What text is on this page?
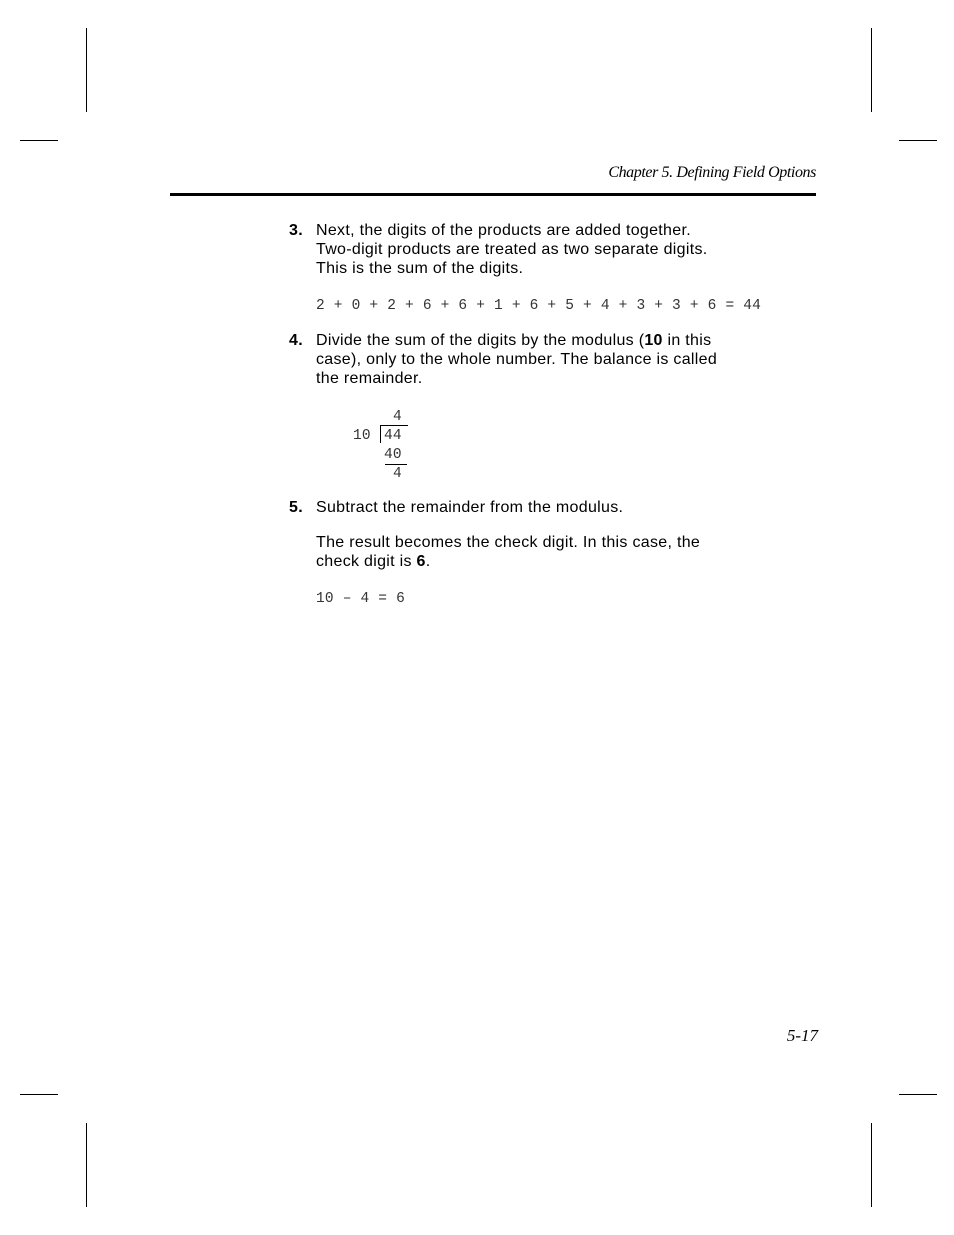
Chapter 5. Defining Field Options
3. Next, the digits of the products are added together.
Two-digit products are treated as two separate digits.
This is the sum of the digits.
2 + 0 + 2 + 6 + 6 + 1 + 6 + 5 + 4 + 3 + 3 + 6 = 44
4. Divide the sum of the digits by the modulus (10 in this
case), only to the whole number. The balance is called
the remainder.
4
10 44
40
4
5. Subtract the remainder from the modulus.
The result becomes the check digit. In this case, the
check digit is 6.
10 – 4 = 6
5-17
